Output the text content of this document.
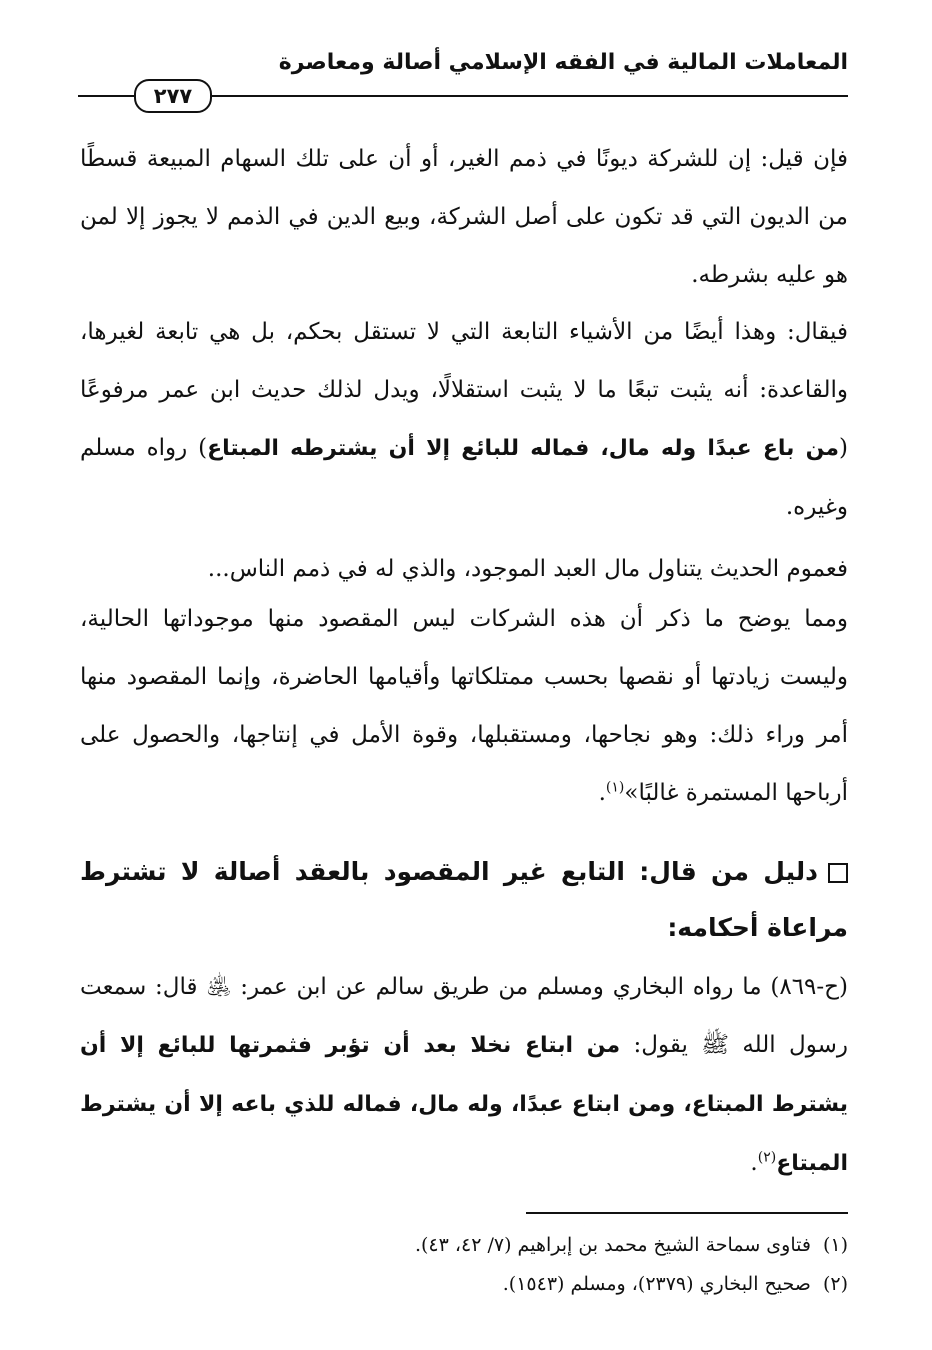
المعاملات المالية في الفقه الإسلامي أصالة ومعاصرة
٢٧٧

فإن قيل: إن للشركة ديونًا في ذمم الغير، أو أن على تلك السهام المبيعة قسطًا من الديون التي قد تكون على أصل الشركة، وبيع الدين في الذمم لا يجوز إلا لمن هو عليه بشرطه.

فيقال: وهذا أيضًا من الأشياء التابعة التي لا تستقل بحكم، بل هي تابعة لغيرها، والقاعدة: أنه يثبت تبعًا ما لا يثبت استقلالًا، ويدل لذلك حديث ابن عمر مرفوعًا (من باع عبدًا وله مال، فماله للبائع إلا أن يشترطه المبتاع) رواه مسلم وغيره.

فعموم الحديث يتناول مال العبد الموجود، والذي له في ذمم الناس...

ومما يوضح ما ذكر أن هذه الشركات ليس المقصود منها موجوداتها الحالية، وليست زيادتها أو نقصها بحسب ممتلكاتها وأقيامها الحاضرة، وإنما المقصود منها أمر وراء ذلك: وهو نجاحها، ومستقبلها، وقوة الأمل في إنتاجها، والحصول على أرباحها المستمرة غالبًا»$^{(١)}$.

دليل من قال: التابع غير المقصود بالعقد أصالة لا تشترط مراعاة أحكامه:

(ح-٨٦٩) ما رواه البخاري ومسلم من طريق سالم عن ابن عمر: ﵁ قال: سمعت رسول الله ﷺ يقول: من ابتاع نخلا بعد أن تؤبر فثمرتها للبائع إلا أن يشترط المبتاع، ومن ابتاع عبدًا، وله مال، فماله للذي باعه إلا أن يشترط المبتاع$^{(٢)}$.

(١)فتاوى سماحة الشيخ محمد بن إبراهيم (٧/ ٤٢، ٤٣).
(٢)صحيح البخاري (٢٣٧٩)، ومسلم (١٥٤٣).
